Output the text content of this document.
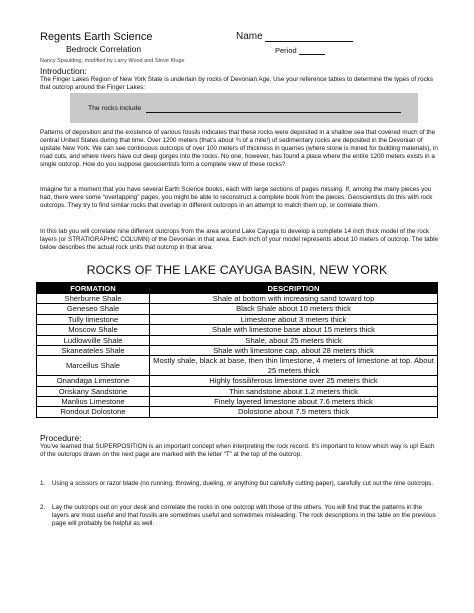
Regents Earth Science
Bedrock Correlation
Name
Period
Nancy Spaulding, modified by Larry Wood and Steve Kluge
Introduction:
The Finger Lakes Region of New York State is underlain by rocks of Devonian Age. Use your reference tables to determine the types of rocks that outcrop around the Finger Lakes:
The rocks include
Patterns of deposition and the existence of various fossils indicates that these rocks were deposited in a shallow sea that covered much of the central United States during that time. Over 1200 meters (that’s about ¾ of a mile!) of sedimentary rocks are deposited in the Devonian of upstate New York. We can see continuous outcrops of over 100 meters of thickness in quarries (where stone is mined for building materials), in road cuts, and where rivers have cut deep gorges into the rocks. No one, however, has found a place where the entire 1200 meters exists in a single outcrop. How do you suppose geoscientists form a complete view of these rocks?
Imagine for a moment that you have several Earth Science books, each with large sections of pages missing. If, among the many pieces you had, there were some “overlapping” pages, you might be able to reconstruct a complete book from the pieces. Geoscientists do this with rock outcrops. They try to find similar rocks that overlap in different outcrops in an attempt to match them up, or correlate them.
In this lab you will correlate nine different outcrops from the area around Lake Cayuga to develop a complete 14 inch thick model of the rock layers (or STRATIGRAPHIC COLUMN) of the Devonian in that area. Each inch of your model represents about 10 meters of outcrop. The table below describes the actual rock units that outcrop in that area.
ROCKS OF THE LAKE CAYUGA BASIN, NEW YORK
FORMATION	DESCRIPTION
Sherburne Shale	Shale at bottom with increasing sand toward top
Geneseo Shale	Black Shale about 10 meters thick
Tully limestone	Limestone about 3 meters thick
Moscow Shale	Shale with limestone base about 15 meters thick
Ludlowville Shale	Shale, about 25 meters thick
Skaneateles Shale	Shale with limestone cap, about 28 meters thick
Marcellus Shale	Mostly shale, black at base, then thin limestone, 4 meters of limestone at top. About 25 meters thick
Onandaga Limestone	Highly fossiliferous limestone over 25 meters thick
Oriskany Sandstone	Thin sandstone about 1.2 meters thick
Manlius Limestone	Finely layered limestone about 7.6 meters thick
Rondout Dolostone	Dolostone about 7.5 meters thick
Procedure:
You’ve learned that SUPERPOSITION is an important concept when interpreting the rock record. It’s important to know which way is up! Each of the outcrops drawn on the next page are marked with the letter “T” at the top of the outcrop.
1. Using a scissors or razor blade (no running, throwing, dueling, or anything but carefully cutting paper), carefully cut out the nine outcrops.
2. Lay the outcrops out on your desk and correlate the rocks in one outcrop with those of the others. You will find that the patterns in the layers are most useful and that fossils are sometimes useful and sometimes misleading. The rock descriptions in the table on the previous page will probably be helpful as well.
